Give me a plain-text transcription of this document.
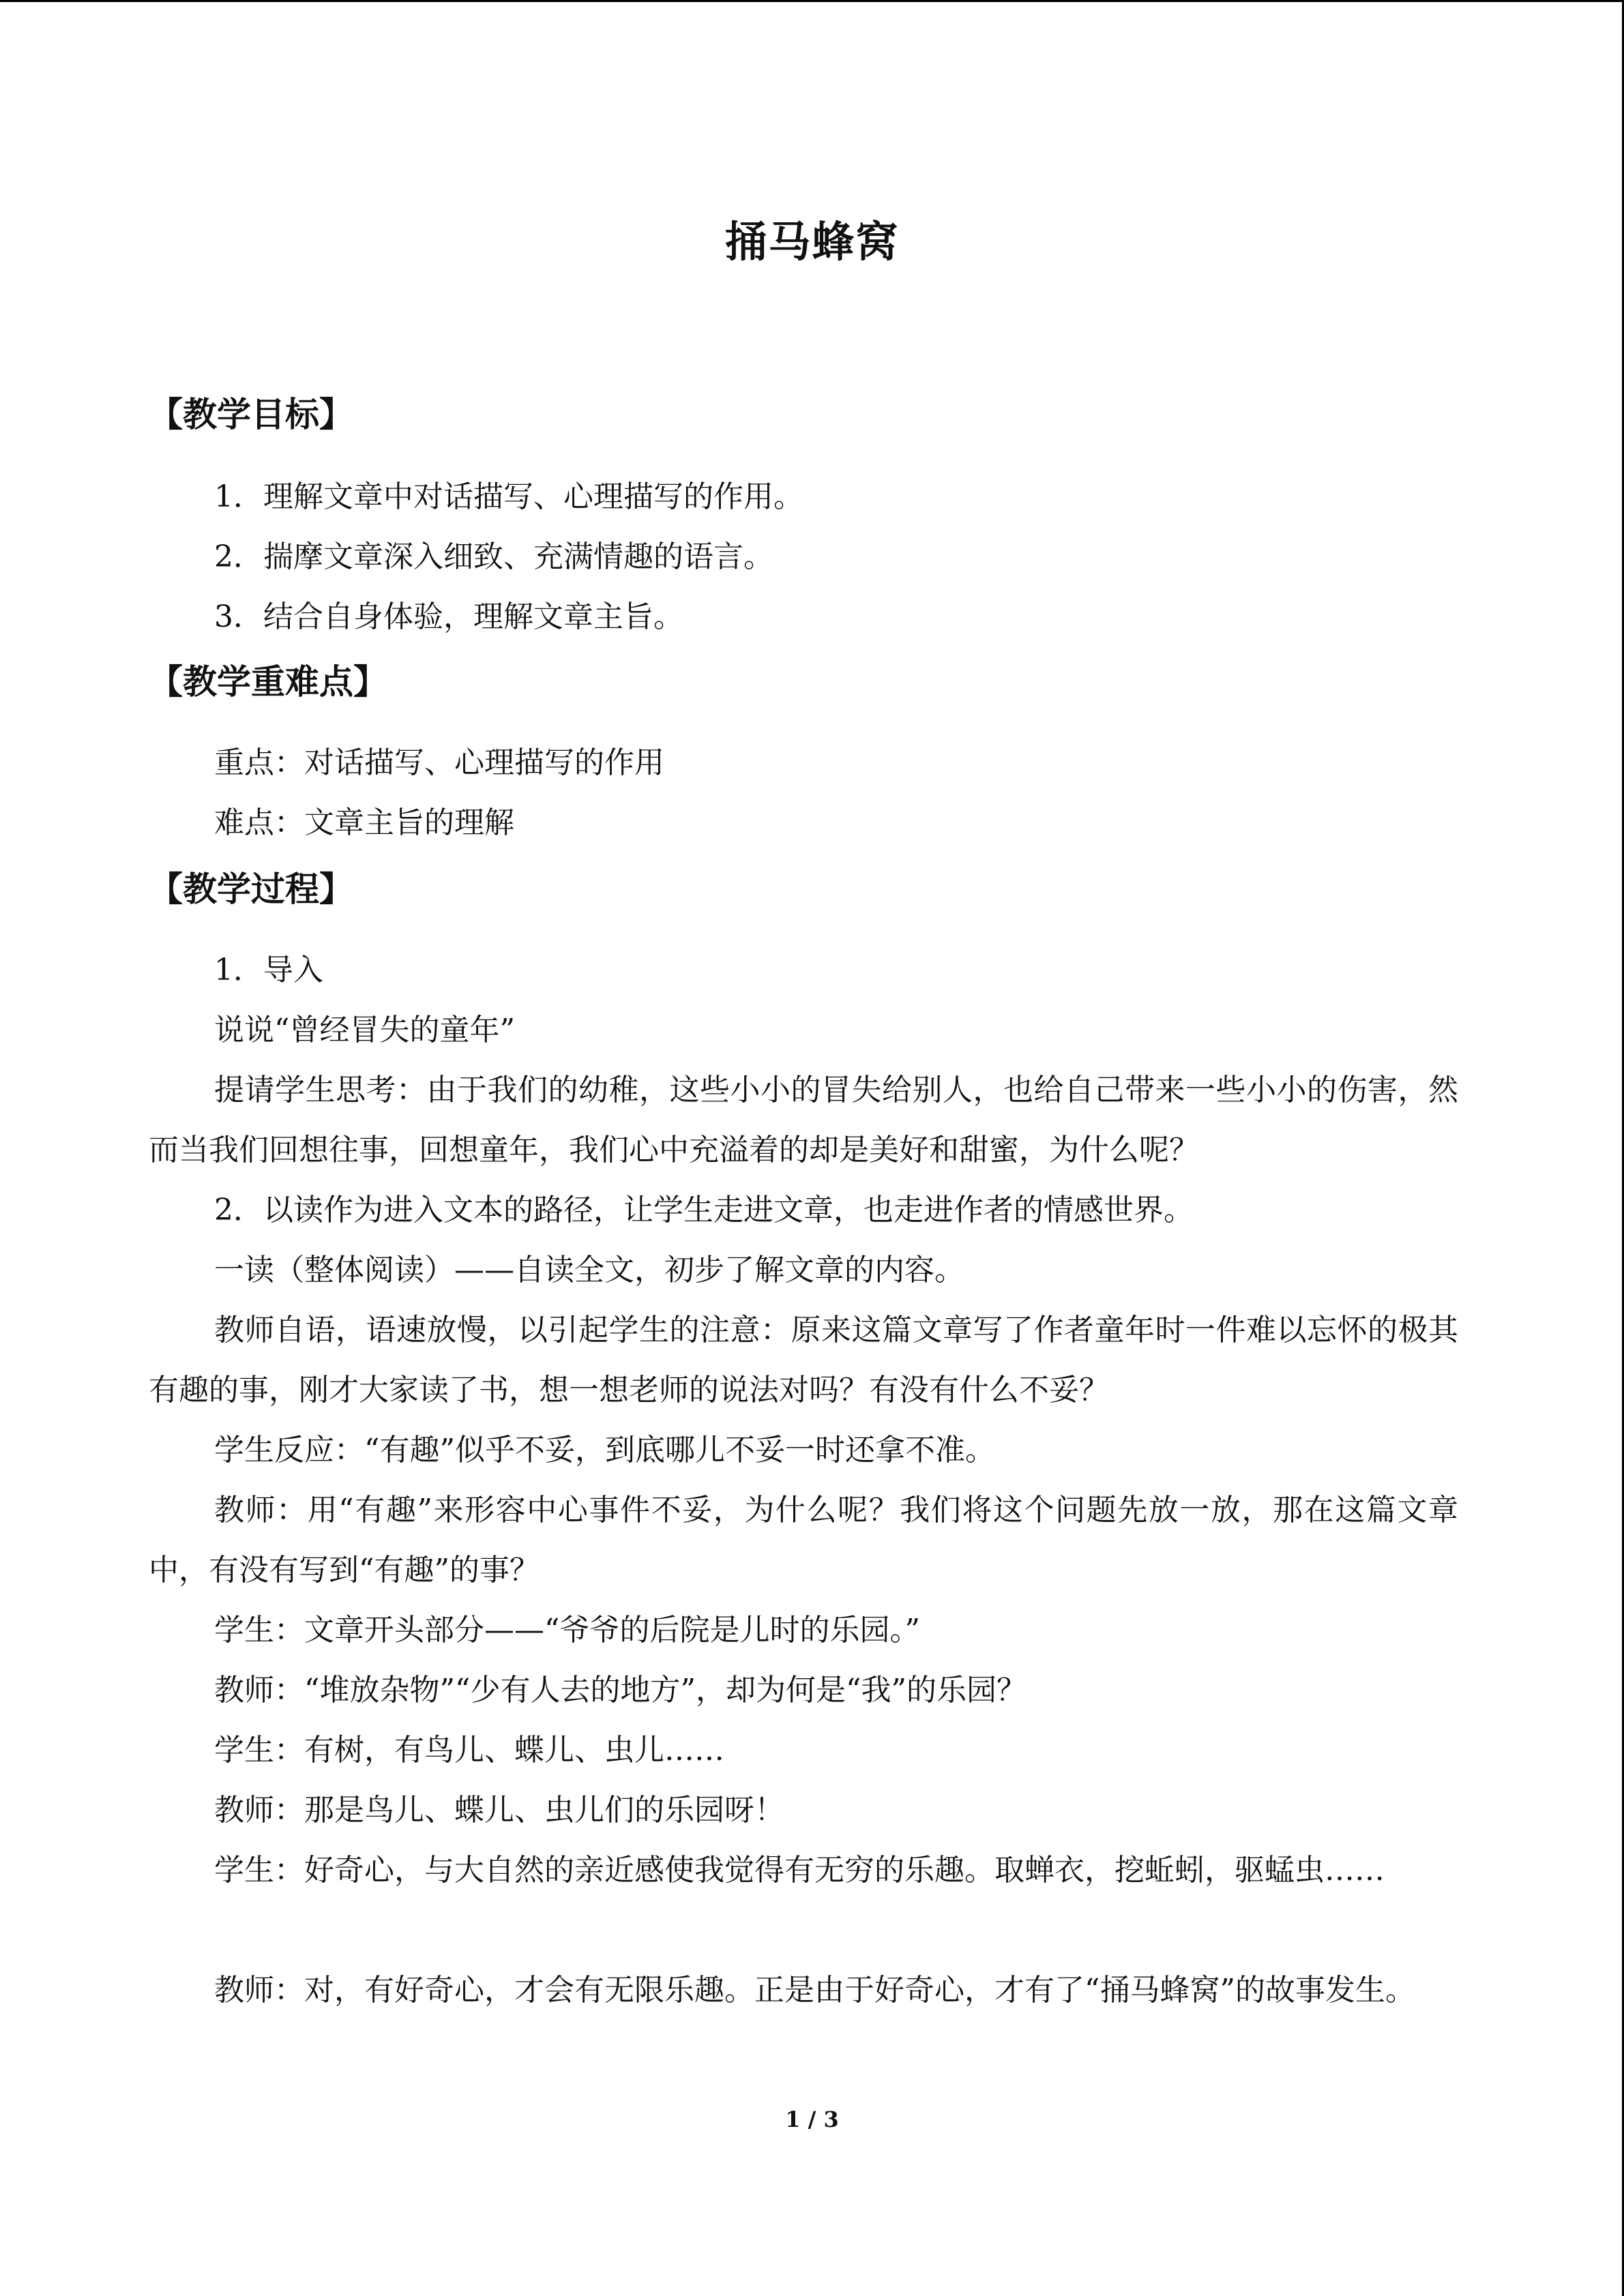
捅马蜂窝
【教学目标】
1．理解文章中对话描写、心理描写的作用。
2．揣摩文章深入细致、充满情趣的语言。
3．结合自身体验，理解文章主旨。
【教学重难点】
重点：对话描写、心理描写的作用
难点：文章主旨的理解
【教学过程】
1．导入
说说“曾经冒失的童年”
提请学生思考：由于我们的幼稚，这些小小的冒失给别人，也给自己带来一些小小的伤害，然而当我们回想往事，回想童年，我们心中充溢着的却是美好和甜蜜，为什么呢？
2．以读作为进入文本的路径，让学生走进文章，也走进作者的情感世界。
一读（整体阅读）——自读全文，初步了解文章的内容。
教师自语，语速放慢，以引起学生的注意：原来这篇文章写了作者童年时一件难以忘怀的极其有趣的事，刚才大家读了书，想一想老师的说法对吗？有没有什么不妥？
学生反应：“有趣”似乎不妥，到底哪儿不妥一时还拿不准。
教师：用“有趣”来形容中心事件不妥，为什么呢？我们将这个问题先放一放，那在这篇文章中，有没有写到“有趣”的事？
学生：文章开头部分——“爷爷的后院是儿时的乐园。”
教师：“堆放杂物”“少有人去的地方”，却为何是“我”的乐园？
学生：有树，有鸟儿、蝶儿、虫儿……
教师：那是鸟儿、蝶儿、虫儿们的乐园呀！
学生：好奇心，与大自然的亲近感使我觉得有无穷的乐趣。取蝉衣，挖蚯蚓，驱蜢虫……
教师：对，有好奇心，才会有无限乐趣。正是由于好奇心，才有了“捅马蜂窝”的故事发生。
1 / 3
